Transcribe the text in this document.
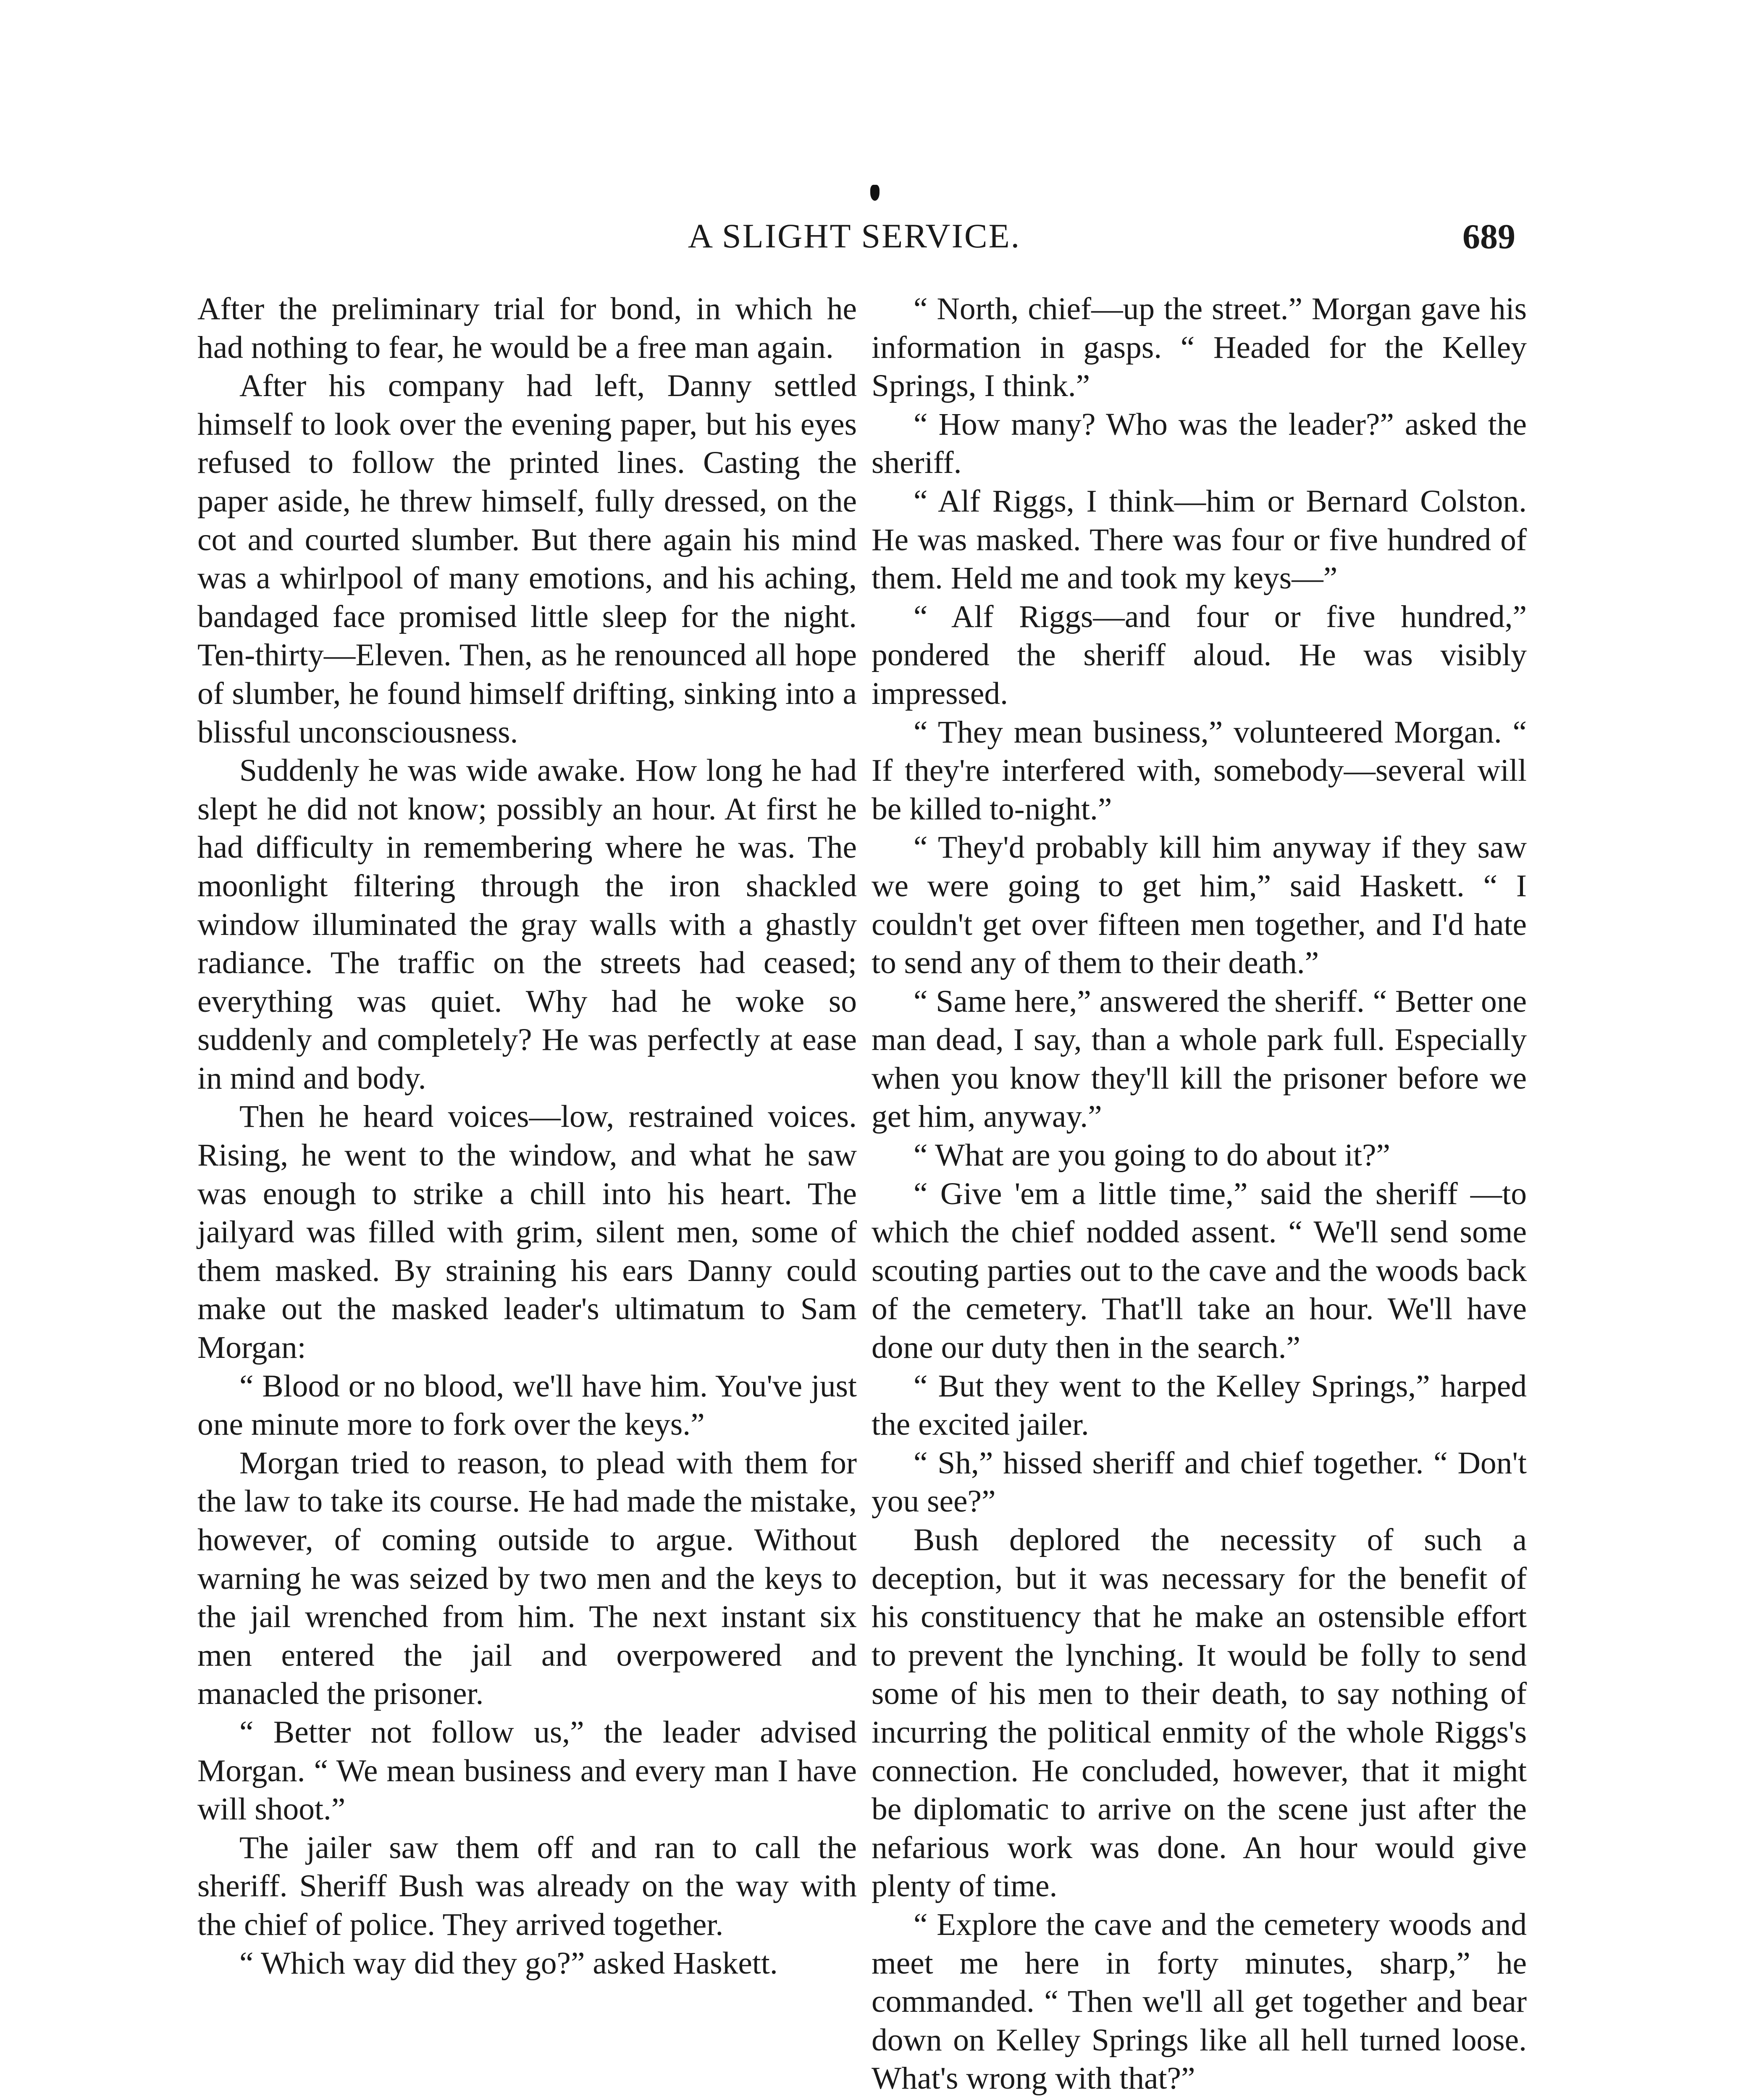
A SLIGHT SERVICE.	689

After the preliminary trial for bond, in which he had nothing to fear, he would be a free man again.

After his company had left, Danny settled himself to look over the evening paper, but his eyes refused to follow the printed lines. Casting the paper aside, he threw himself, fully dressed, on the cot and courted slumber. But there again his mind was a whirlpool of many emotions, and his aching, bandaged face promised little sleep for the night. Ten-thirty—Eleven. Then, as he renounced all hope of slumber, he found himself drifting, sinking into a blissful unconsciousness.

Suddenly he was wide awake. How long he had slept he did not know; possibly an hour. At first he had difficulty in remembering where he was. The moonlight filtering through the iron shackled window illuminated the gray walls with a ghastly radiance. The traffic on the streets had ceased; everything was quiet. Why had he woke so suddenly and completely? He was perfectly at ease in mind and body.

Then he heard voices—low, restrained voices. Rising, he went to the window, and what he saw was enough to strike a chill into his heart. The jailyard was filled with grim, silent men, some of them masked. By straining his ears Danny could make out the masked leader's ultimatum to Sam Morgan:

“ Blood or no blood, we'll have him. You've just one minute more to fork over the keys.”

Morgan tried to reason, to plead with them for the law to take its course. He had made the mistake, however, of coming outside to argue. Without warning he was seized by two men and the keys to the jail wrenched from him. The next instant six men entered the jail and overpowered and manacled the prisoner.

“ Better not follow us,” the leader advised Morgan. “ We mean business and every man I have will shoot.”

The jailer saw them off and ran to call the sheriff. Sheriff Bush was already on the way with the chief of police. They arrived together.

“ Which way did they go?” asked Haskett.

“ North, chief—up the street.” Morgan gave his information in gasps. “ Headed for the Kelley Springs, I think.”

“ How many? Who was the leader?” asked the sheriff.

“ Alf Riggs, I think—him or Bernard Colston. He was masked. There was four or five hundred of them. Held me and took my keys—”

“ Alf Riggs—and four or five hundred,” pondered the sheriff aloud. He was visibly impressed.

“ They mean business,” volunteered Morgan. “ If they're interfered with, somebody—several will be killed to-night.”

“ They'd probably kill him anyway if they saw we were going to get him,” said Haskett. “ I couldn't get over fifteen men together, and I'd hate to send any of them to their death.”

“ Same here,” answered the sheriff. “ Better one man dead, I say, than a whole park full. Especially when you know they'll kill the prisoner before we get him, anyway.”

“ What are you going to do about it?”

“ Give 'em a little time,” said the sheriff —to which the chief nodded assent. “ We'll send some scouting parties out to the cave and the woods back of the cemetery. That'll take an hour. We'll have done our duty then in the search.”

“ But they went to the Kelley Springs,” harped the excited jailer.

“ Sh,” hissed sheriff and chief together. “ Don't you see?”

Bush deplored the necessity of such a deception, but it was necessary for the benefit of his constituency that he make an ostensible effort to prevent the lynching. It would be folly to send some of his men to their death, to say nothing of incurring the political enmity of the whole Riggs's connection. He concluded, however, that it might be diplomatic to arrive on the scene just after the nefarious work was done. An hour would give plenty of time.

“ Explore the cave and the cemetery woods and meet me here in forty minutes, sharp,” he commanded. “ Then we'll all get together and bear down on Kelley Springs like all hell turned loose. What's wrong with that?”
